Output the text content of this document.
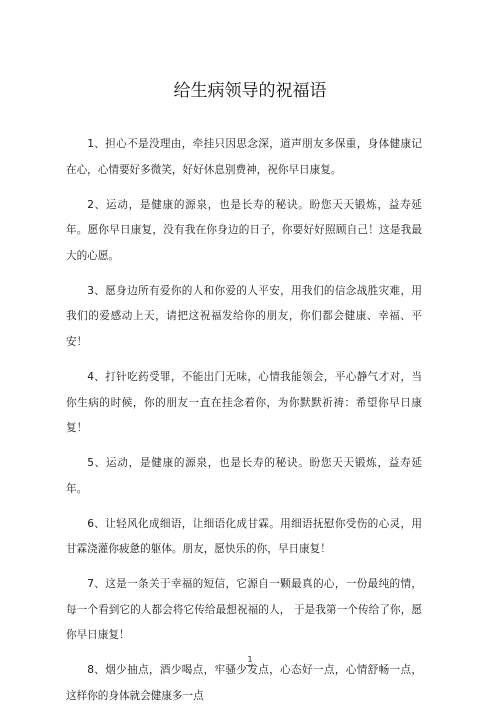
给生病领导的祝福语

1、担心不是没理由，牵挂只因思念深，道声朋友多保重，身体健康记在心，心情要好多微笑，好好休息别费神，祝你早日康复。

2、运动，是健康的源泉，也是长寿的秘诀。盼您天天锻炼，益寿延年。愿你早日康复，没有我在你身边的日子，你要好好照顾自己！这是我最大的心愿。

3、愿身边所有爱你的人和你爱的人平安，用我们的信念战胜灾难，用我们的爱感动上天，请把这祝福发给你的朋友，你们都会健康、幸福、平安！

4、打针吃药受罪，不能出门无味，心情我能领会，平心静气才对，当你生病的时候，你的朋友一直在挂念着你，为你默默祈祷：希望你早日康复！

5、运动，是健康的源泉，也是长寿的秘诀。盼您天天锻炼，益寿延年。

6、让轻风化成细语，让细语化成甘霖。用细语抚慰你受伤的心灵，用甘霖浇灌你疲惫的躯体。朋友，愿快乐的你，早日康复！

7、这是一条关于幸福的短信，它源自一颗最真的心，一份最纯的情，每一个看到它的人都会将它传给最想祝福的人， 于是我第一个传给了你，愿你早日康复！

8、烟少抽点，酒少喝点，牢骚少发点，心态好一点，心情舒畅一点，这样你的身体就会健康多一点

1
